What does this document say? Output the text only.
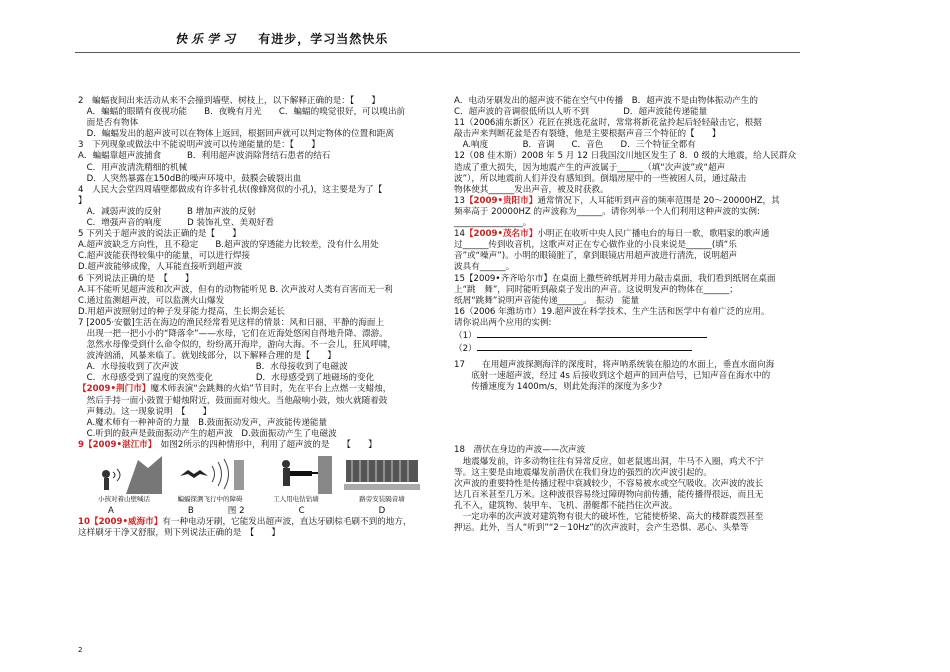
快乐学习 有进步，学习当然快乐

2　蝙蝠夜间出来活动从来不会撞到墙壁、树枝上，以下解释正确的是：【　　】

　A．蝙蝠的眼睛有夜视功能　　B．夜晚有月光　　C．蝙蝠的嗅觉很好，可以嗅出前

　面是否有物体

　D．蝙蝠发出的超声波可以在物体上返回，根据回声就可以判定物体的位置和距离

3　下列现象或做法中不能说明声波可以传递能量的是：【　　】

A．蝙蝠靠超声波捕食　　　B．利用超声波消除肾结石患者的结石

　C．用声波清洗精细的机械

　D．人突然暴露在150dB的噪声环境中，鼓膜会破裂出血

4　人民大会堂四周墙壁都做成有许多针孔状(像蜂窝似的小孔)，这主要是为了【

】

　A．减弱声波的反射　　　B 增加声波的反射

　C．增强声音的响度　　　D 装饰礼堂、美观好看

5 下列关于超声波的说法正确的是【　　】

A.超声波缺乏方向性，且不稳定　　B.超声波的穿透能力比较差，没有什么用处

C.超声波能获得较集中的能量，可以进行焊接

D.超声波能够成像，人耳能直接听到超声波

6 下列说法正确的是　【　　】

A.耳不能听见超声波和次声波，但有的动物能听见 B. 次声波对人类有百害而无一利

C.通过监测超声波，可以监测火山爆发

D.用超声波照射过的种子发芽能力提高，生长期会延长

7 [2005·安徽]生活在海边的渔民经常看见这样的情景：风和日丽，平静的海面上

　出现一把一把小小的“降落伞”——水母，它们在近海处悠闲自得地升降、漂游。

　忽然水母像受到什么命令似的，纷纷离开海岸，游向大海。不一会儿，狂风呼啸，

　波涛汹涌，风暴来临了。就划线部分，以下解释合理的是【　　】

　A．水母接收到了次声波　　　　　　　　　B．水母接收到了电磁波

　C．水母感受到了温度的突然变化　　　　　D．水母感受到了地磁场的变化

【2009•荆门市】魔术师表演“会跳舞的火焰”节目时，先在平台上点燃一支蜡烛，

　然后手持一面小鼓置于蜡烛附近，鼓面面对烛火。当他敲响小鼓，烛火就随着鼓

　声舞动。这一现象说明　【　　】

　A.魔术师有一种神奇的力量　B.鼓面振动发声，声波能传递能量

　C.听到的鼓声是鼓面振动产生的超声波　D.鼓面振动产生了电磁波

9【2009•湛江市】　如图2所示的四种情形中，利用了超声波的是　　【　　】

小孩对着山壁喊话	蝙蝠探测飞行中的障碍	工人用电钻钻墙	路旁安装隔音墙
A	B	图 2	C	D

10【2009•威海市】有一种电动牙刷，它能发出超声波，直达牙刷棕毛刷不到的地方，

这样刷牙干净又舒服，则下列说法正确的是　【　　】

A．电动牙刷发出的超声波不能在空气中传播　B．超声波不是由物体振动产生的

C．超声波的音调很低所以人听不到　　　　D．超声波能传递能量

11（2006浦东新区）花匠在挑选花盆时，常常将新花盆拎起后轻轻敲击它，根据

敲击声来判断花盆是否有裂缝，他是主要根据声音三个特征的【　　】

　A.响度　　　　B．音调　　C．音色　　D．三个特征全都有

12（08 佳木斯）2008 年 5 月 12 日我国汶川地区发生了 8．0 级的大地震，给人民群众

造成了重大损失，因为地震产生的声波属于______（填“次声波”或“超声

波”），所以地震前人们并没有感知到。倒塌房屋中的一些被困人员，通过敲击

物体使其______发出声音，被及时获救。

13【2009•贵阳市】通常情况下，人耳能听到声音的频率范围是 20～20000HZ，其

频率高于 20000HZ 的声波称为______。请你列举一个人们利用这种声波的实例:

________________。

14【2009•茂名市】小明正在收听中央人民广播电台的每日一歌，歌唱家的歌声通

过______传到收音机，这歌声对正在专心做作业的小良来说是______(填“乐

音”或“噪声”)。小明的眼镜脏了，拿到眼镜店用超声波进行清洗，说明超声

波具有______。

15【2009•齐齐哈尔市】在桌面上撒些碎纸屑并用力敲击桌面，我们看到纸屑在桌面

上“跳　舞”，同时能听到敲桌子发出的声音。这说明发声的物体在______；

纸屑“跳舞”说明声音能传递______。　振动　能量

16（2006 年潍坊市）19.超声波在科学技术、生产生活和医学中有着广泛的应用。

请你说出两个应用的实例:

（1）

（2）

17　　在用超声波探测海洋的深度时，将声呐系统装在船边的水面上，垂直水面向海

　　底射一速超声波，经过 4s 后接收到这个超声的回声信号，已知声音在海水中的

　　传播速度为 1400m/s，则此处海洋的深度为多少?

18　潜伏在身边的声波——次声波

　地震爆发前，许多动物往往有异常反应，如老鼠逃出洞，牛马不入圈，鸡犬不宁

等。这主要是由地震爆发前潜伏在我们身边的强烈的次声波引起的。

次声波的重要特性是传播过程中衰减较少，不容易被水或空气吸收。次声波的波长

达几百米甚至几万米。这种波很容易绕过障碍物向前传播，能传播得很远，而且无

孔不入，建筑物、装甲车、飞机、潜艇都不能挡住次声波。

　一定功率的次声波对建筑物有很大的破坏性，它能使桥梁、高大的楼群震烈甚至

押运。此外，当人“听到”“2－10Hz”的次声波时，会产生恐惧、恶心、头晕等

2
